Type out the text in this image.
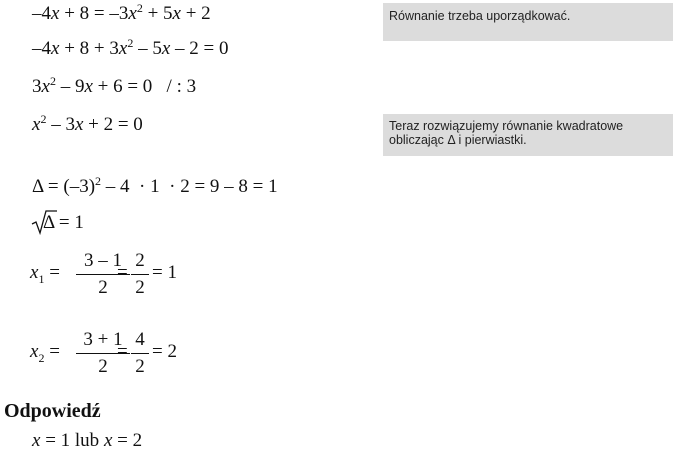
$-4x + 8 = -3x^2 + 5x + 2$
$-4x + 8 + 3x^2 - 5x - 2 = 0$
$3x^2 - 9x + 6 = 0$   / : 3
$x^2 - 3x + 2 = 0$
Równanie trzeba uporządkować.
Teraz rozwiązujemy równanie kwadratowe
obliczając Δ i pierwiastki.
$\Delta = (-3)^2 - 4 \cdot 1 \cdot 2 = 9 - 8 = 1$
Δ = 1
$x_1$ =
3 – 1
2
=
2
2
= 1
$x_2$ =
3 + 1
2
=
4
2
= 2
Odpowiedź
x = 1 lub x = 2
